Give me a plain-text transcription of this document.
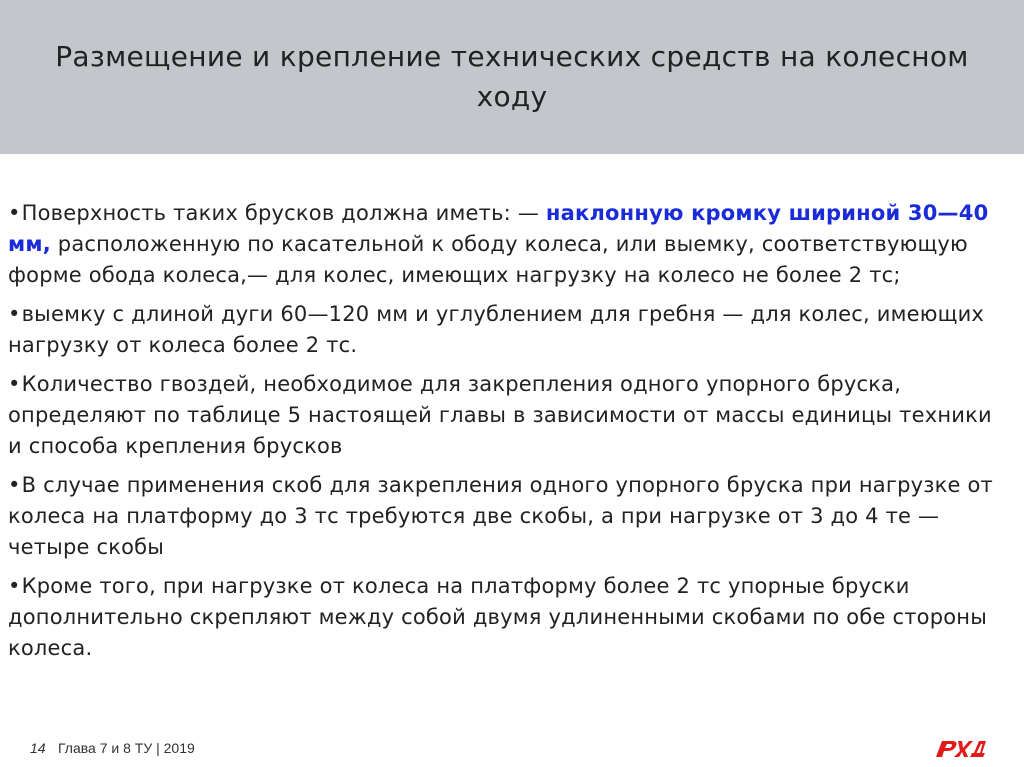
Размещение и крепление технических средств на колесном ходу

•Поверхность таких брусков должна иметь: — наклонную кромку шириной 30—40 мм, расположенную по касательной к ободу колеса, или выемку, соответствующую форме обода колеса,— для колес, имеющих нагрузку на колесо не более 2 тс;

•выемку с длиной дуги 60—120 мм и углублением для гребня — для колес, имеющих нагрузку от колеса более 2 тс.

•Количество гвоздей, необходимое для закрепления одного упорного бруска, определяют по таблице 5 настоящей главы в зависимости от массы единицы техники и способа крепления брусков

•В случае применения скоб для закрепления одного упорного бруска при нагрузке от колеса на платформу до 3 тс требуются две скобы, а при нагрузке от 3 до 4 те — четыре скобы

•Кроме того, при нагрузке от колеса на платформу более 2 тс упорные бруски дополнительно скрепляют между собой двумя удлиненными скобами по обе стороны колеса.

14 Глава 7 и 8 ТУ | 2019
